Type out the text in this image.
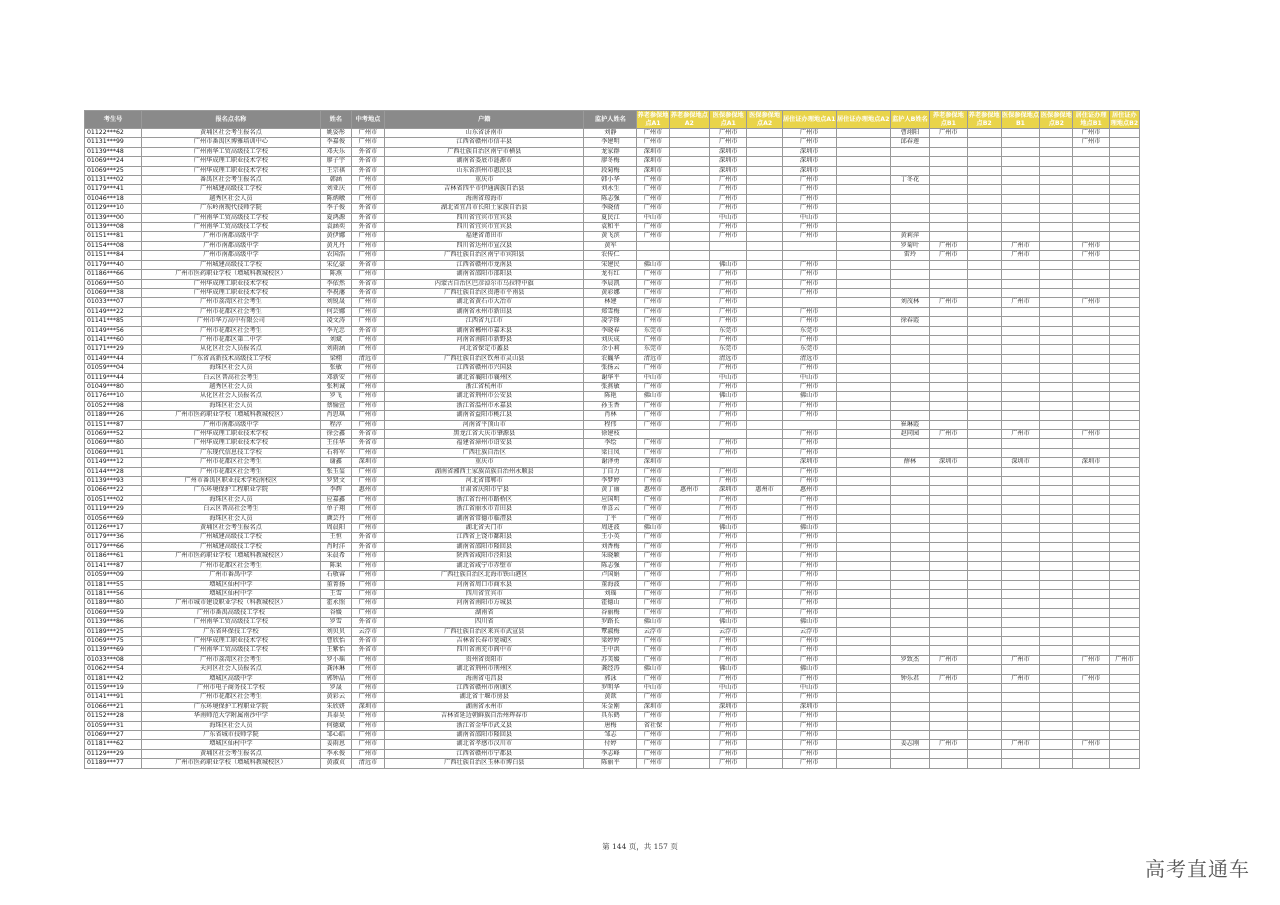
考生号	报名点名称	姓名	中考地点	户籍	监护人姓名	养老参保地点A1	养老参保地点A2	医保参保地点A1	医保参保地点A2	居住证办理地点A1	居住证办理地点A2	监护人B姓名	养老参保地点B1	养老参保地点B2	医保参保地点B1	医保参保地点B2	居住证办理地点B1	居住证办理地点B2
01122***62	黄埔区社会考生报名点	姚姿彤	广州市	山东省济南市	刘静	广州市		广州市		广州市		曹翊阳	广州市				广州市	
01131***99	广州市番禺区博雅培训中心	李嘉俊	广州市	江西省赣州市信丰县	李建明	广州市		广州市		广州市		邱春莲					广州市	
01139***48	广州南华工贸高级技工学校	邓天乐	外省市	广西壮族自治区南宁市横县	龙家群	深圳市		深圳市		深圳市								
01069***24	广州华成理工职业技术学校	廖子宇	外省市	湖南省娄底市涟源市	廖冬梅	深圳市		深圳市		深圳市								
01069***25	广州华成理工职业技术学校	王宗祺	外省市	山东省滨州市惠民县	段菊梅	深圳市		深圳市		深圳市								
01131***02	番禺区社会考生报名点	韩涵	广州市	重庆市	韩小华	广州市		广州市		广州市		丁冬花						
01179***41	广州城建高级技工学校	刘亚庆	广州市	吉林省四平市伊通满族自治县	刘永生	广州市		广州市		广州市								
01046***18	越秀区社会人员	陈炳暾	广州市	海南省琼海市	陈志强	广州市		广州市		广州市								
01129***10	广东岭南现代技师学院	李子俊	外省市	湖北省宜昌市长阳土家族自治县	李晓倩	广州市		广州市		广州市								
01139***00	广州南华工贸高级技工学校	夏鸿源	外省市	四川省宜宾市宜宾县	夏民江	中山市		中山市		中山市								
01139***08	广州南华工贸高级技工学校	袁涵奕	外省市	四川省宜宾市宜宾县	袁和平	广州市		广州市		广州市								
01151***81	广州市南都高级中学	黄伊娜	广州市	福建省莆田市	黄飞滨	广州市		广州市		广州市		黄莉萍						
01154***08	广州市南都高级中学	黄凡丹	广州市	四川省达州市宣汉县	黄军							罗菊叶	广州市		广州市		广州市	
01151***84	广州市南都高级中学	农国浩	广州市	广西壮族自治区南宁市宾阳县	农传仁							雷玲	广州市		广州市		广州市	
01179***40	广州城建高级技工学校	宋亿豪	外省市	江西省赣州市龙南县	宋建民	佛山市		佛山市		广州市								
01186***66	广州市医药职业学校（增城科教城校区）	陈燕	广州市	湖南省邵阳市邵阳县	龙有红	广州市		广州市		广州市								
01069***50	广州华成理工职业技术学校	李依然	外省市	内蒙古自治区巴彦淖尔市乌拉特中旗	李晨凯	广州市		广州市		广州市								
01069***38	广州华成理工职业技术学校	李祝藩	外省市	广西壮族自治区贵港市平南县	黄彩娜	广州市		广州市		广州市								
01033***07	广州市荔湾区社会考生	刘锐晟	广州市	湖北省黄石市大冶市	林建	广州市		广州市				刘茂林	广州市		广州市		广州市	
01149***22	广州市花都区社会考生	何芸娜	广州市	湖南省永州市新田县	郑雪梅	广州市		广州市		广州市								
01141***85	广州市华万高中有限公司	凌文涛	广州市	江西省九江市	凌学锋	广州市		广州市		广州市		徐春霞						
01149***56	广州市花都区社会考生	李光忠	外省市	湖南省郴州市嘉禾县	李晓春	东莞市		东莞市		东莞市								
01141***60	广州市花都区第二中学	刘斌	广州市	河南省南阳市新野县	刘庆成	广州市		广州市		广州市								
01171***29	从化区社会人员报名点	刘雨涵	广州市	河北省保定市蠡县	余小莉	东莞市		东莞市		东莞市								
01149***44	广东省高新技术高级技工学校	梁栩	清远市	广西壮族自治区钦州市灵山县	农巍华	清远市		清远市		清远市								
01059***04	海珠区社会人员	张敏	广州市	江西省赣州市兴国县	张扬云	广州市		广州市		广州市								
01119***44	白云区普高社会考生	邓新安	广州市	湖北省襄阳市襄州区	谢华平	中山市		中山市		中山市								
01049***80	越秀区社会人员	张利诚	广州市	浙江省杭州市	张燕敏	广州市		广州市		广州市								
01176***10	从化区社会人员报名点	罗飞	广州市	湖北省荆州市公安县	陈艳	佛山市		佛山市		佛山市								
01052***98	海珠区社会人员	蔡愉萱	广州市	浙江省温州市永嘉县	孙玉香	广州市		广州市		广州市								
01189***26	广州市医药职业学校（增城科教城校区）	肖思琪	广州市	湖南省益阳市桃江县	肖林	广州市		广州市		广州市								
01151***87	广州市南都高级中学	程淳	广州市	河南省平顶山市	程伟	广州市		广州市				崔琳霞						
01069***52	广州华成理工职业技术学校	徐会鑫	外省市	黑龙江省大庆市肇源县	徐建枝					广州市		赵同园	广州市		广州市		广州市	
01069***80	广州华成理工职业技术学校	王佳华	外省市	福建省漳州市诏安县	李绘	广州市		广州市		广州市								
01069***91	广东现代信息技工学校	石将军	广州市	广西壮族自治区	梁日凤	广州市		广州市		广州市								
01149***12	广州市花都区社会考生	谢鑫	深圳市	重庆市	谢泽勇	深圳市				深圳市		薛林	深圳市		深圳市		深圳市	
01144***28	广州市花都区社会考生	张玉玺	广州市	湖南省湘西土家族苗族自治州永顺县	丁自力	广州市		广州市		广州市								
01139***93	广州市番禺区职业技术学校南校区	罗贤文	广州市	河北省邯郸市	李梦婷	广州市		广州市		广州市								
01066***22	广东环境保护工程职业学院	李辉	惠州市	甘肃省庆阳市宁县	黄丁丽	惠州市	惠州市	深圳市	惠州市	惠州市								
01051***02	海珠区社会人员	应嘉鑫	广州市	浙江省台州市路桥区	应国明	广州市		广州市		广州市								
01119***29	白云区普高社会考生	单子翔	广州市	浙江省丽水市青田县	单喜云	广州市		广州市		广州市								
01056***69	海珠区社会人员	颜芸丹	广州市	湖南省常德市临澧县	丁平	广州市		广州市		广州市								
01126***17	黄埔区社会考生报名点	周晨阳	广州市	湖北省天门市	周进波	佛山市		佛山市		佛山市								
01179***36	广州城建高级技工学校	王恒	外省市	江西省上饶市鄱阳县	王小英	广州市		广州市		广州市								
01179***66	广州城建高级技工学校	肖时洋	外省市	湖南省邵阳市隆回县	刘香梅	广州市		广州市		广州市								
01186***61	广州市医药职业学校（增城科教城校区）	朱晨希	广州市	陕西省咸阳市泾阳县	朱晓颖	广州市		广州市		广州市								
01141***87	广州市花都区社会考生	陈果	广州市	湖北省咸宁市赤壁市	陈志强	广州市		广州市		广州市								
01059***09	广州市番禺中学	石敬睿	广州市	广西壮族自治区北海市铁山港区	卢国娟	广州市		广州市		广州市								
01181***55	增城区仙村中学	董菁扬	广州市	河南省周口市商水县	董海波	广州市		广州市		广州市								
01181***56	增城区仙村中学	王雪	广州市	四川省宜宾市	刘瑶	广州市		广州市		广州市								
01189***80	广州市城市建设职业学校（科教城校区）	霍永照	广州市	河南省南阳市方城县	霍德山	广州市		广州市		广州市								
01069***59	广州市番禺高级技工学校	谷媛	广州市	湖南省	谷丽梅	广州市		广州市		广州市								
01139***86	广州南华工贸高级技工学校	罗雪	外省市	四川省	罗路长	佛山市		佛山市		佛山市								
01189***25	广东省环保技工学校	刘贝贝	云浮市	广西壮族自治区来宾市武宣县	覃淑梅	云浮市		云浮市		云浮市								
01069***75	广州华成理工职业技术学校	曹欣怡	外省市	吉林省长春市宽城区	梁婷婷	广州市		广州市		广州市								
01139***69	广州南华工贸高级技工学校	王紫怡	外省市	四川省南充市阆中市	王中洪	广州市		广州市		广州市								
01033***08	广州市荔湾区社会考生	罗小瑶	广州市	贵州省贵阳市	苏美媛	广州市		广州市		广州市		罗致杰	广州市		广州市		广州市	广州市
01062***54	天河区社会人员报名点	龚沐琳	广州市	湖北省荆州市荆州区	龚经涛	佛山市		佛山市		佛山市								
01181***42	增城区高级中学	郭钟晶	广州市	海南省屯昌县	郭泳	广州市		广州市		广州市		钟乐君	广州市		广州市		广州市	
01159***19	广州市电子商务技工学校	罗晟	广州市	江西省赣州市南康区	罗明华	中山市		中山市		中山市								
01141***91	广州市花都区社会考生	黄彩云	广州市	湖北省十堰市房县	黄歆	广州市		广州市		广州市								
01066***21	广东环境保护工程职业学院	朱欣妍	深圳市	湖南省永州市	朱金刚	深圳市		深圳市		深圳市								
01152***28	华南师范大学附属南沙中学	具泰昊	广州市	吉林省延边朝鲜族自治州珲春市	具东鹤	广州市		广州市		广州市								
01059***31	海珠区社会人员	何德斌	广州市	浙江省金华市武义县	唐梅	省社保		广州市		广州市								
01069***27	广东省城市技师学院	邹心皓	广州市	湖南省邵阳市隆回县	邹志	广州市		广州市		广州市								
01181***62	增城区仙村中学	姜雨恩	广州市	湖北省孝感市汉川市	付婷	广州市		广州市		广州市		姜志刚	广州市		广州市		广州市	
01129***29	黄埔区社会考生报名点	李永俊	广州市	江西省赣州市宁都县	李志峰	广州市		广州市		广州市								
01189***77	广州市医药职业学校（增城科教城校区）	黄淑贞	清远市	广西壮族自治区玉林市博白县	陈丽平	广州市		广州市		广州市								
第 144 页，共 157 页
高考直通车
